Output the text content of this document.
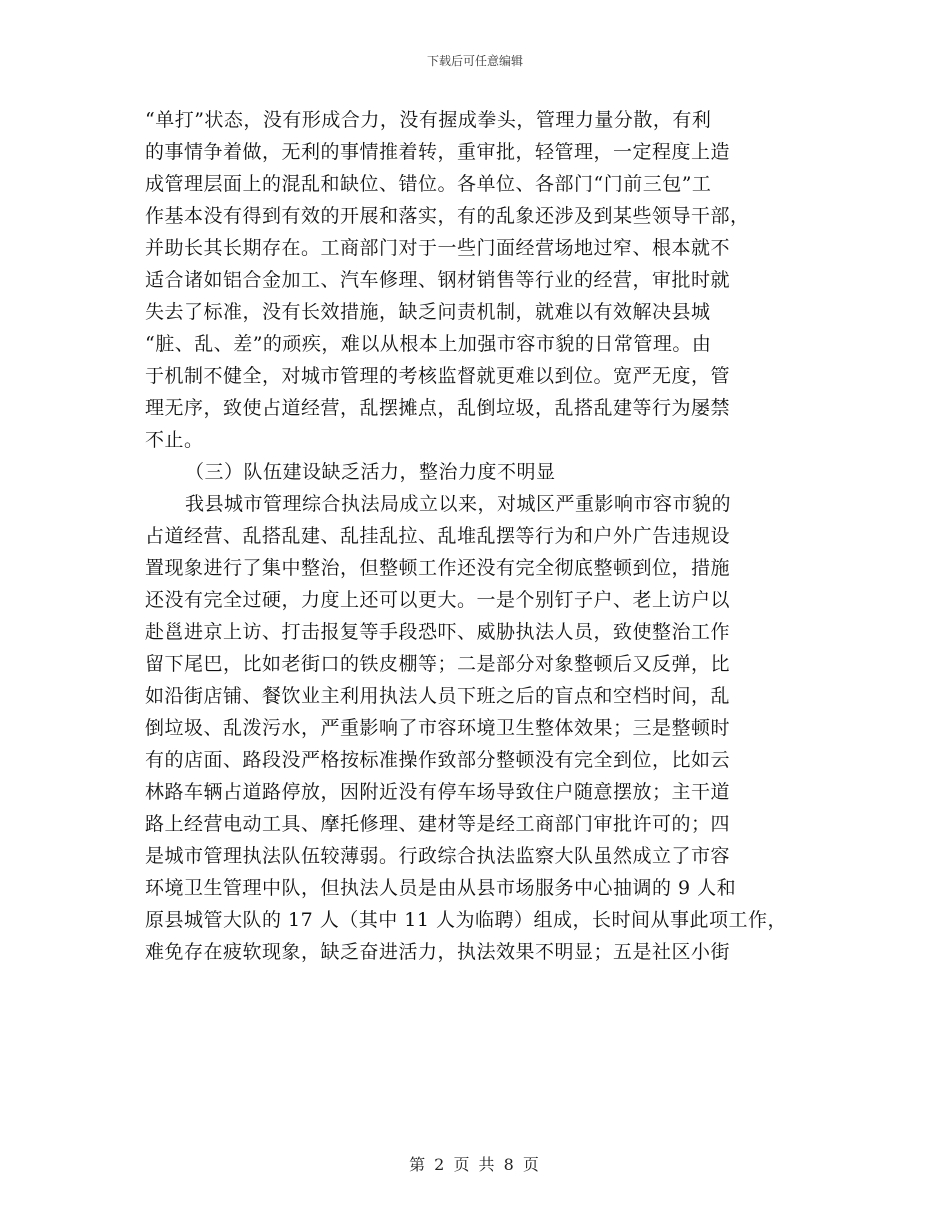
下载后可任意编辑
“单打”状态，没有形成合力，没有握成拳头，管理力量分散，有利
的事情争着做，无利的事情推着转，重审批，轻管理，一定程度上造
成管理层面上的混乱和缺位、错位。各单位、各部门“门前三包”工
作基本没有得到有效的开展和落实，有的乱象还涉及到某些领导干部，
并助长其长期存在。工商部门对于一些门面经营场地过窄、根本就不
适合诸如铝合金加工、汽车修理、钢材销售等行业的经营，审批时就
失去了标准，没有长效措施，缺乏问责机制，就难以有效解决县城
“脏、乱、差”的顽疾，难以从根本上加强市容市貌的日常管理。由
于机制不健全，对城市管理的考核监督就更难以到位。宽严无度，管
理无序，致使占道经营，乱摆摊点，乱倒垃圾，乱搭乱建等行为屡禁
不止。
（三）队伍建设缺乏活力，整治力度不明显
我县城市管理综合执法局成立以来，对城区严重影响市容市貌的
占道经营、乱搭乱建、乱挂乱拉、乱堆乱摆等行为和户外广告违规设
置现象进行了集中整治，但整顿工作还没有完全彻底整顿到位，措施
还没有完全过硬，力度上还可以更大。一是个别钉子户、老上访户以
赴邕进京上访、打击报复等手段恐吓、威胁执法人员，致使整治工作
留下尾巴，比如老街口的铁皮棚等；二是部分对象整顿后又反弹，比
如沿街店铺、餐饮业主利用执法人员下班之后的盲点和空档时间，乱
倒垃圾、乱泼污水，严重影响了市容环境卫生整体效果；三是整顿时
有的店面、路段没严格按标准操作致部分整顿没有完全到位，比如云
林路车辆占道路停放，因附近没有停车场导致住户随意摆放；主干道
路上经营电动工具、摩托修理、建材等是经工商部门审批许可的；四
是城市管理执法队伍较薄弱。行政综合执法监察大队虽然成立了市容
环境卫生管理中队，但执法人员是由从县市场服务中心抽调的 9 人和
原县城管大队的 17 人（其中 11 人为临聘）组成，长时间从事此项工作，
难免存在疲软现象，缺乏奋进活力，执法效果不明显；五是社区小街
第 2 页 共 8 页
